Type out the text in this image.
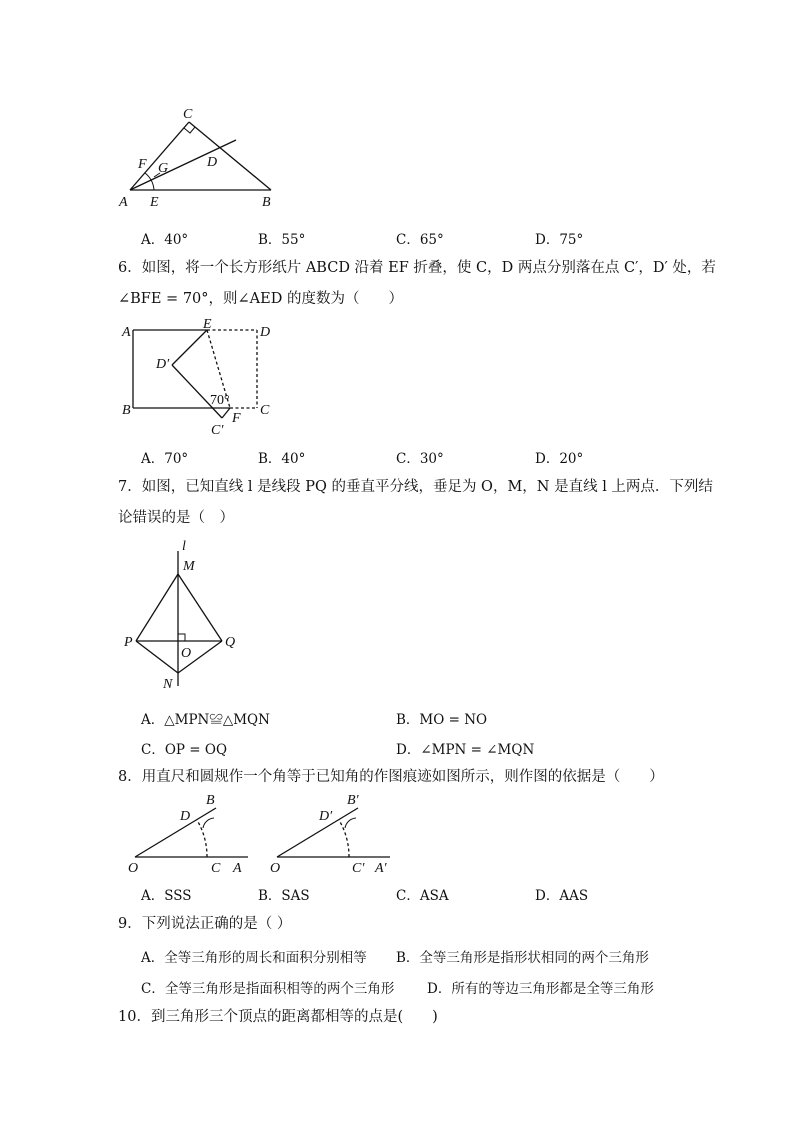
C
F G	D
A E	B
A．40°	B．55°	C．65°	D．75°
6．如图，将一个长方形纸片 ABCD 沿着 EF 折叠，使 C，D 两点分别落在点 C′，D′ 处，若
∠BFE = 70°，则∠AED 的度数为（　　）
A
E
D
D′
B	C
C′
F
70°
A．70°	B．40°	C．30°	D．20°
7．如图，已知直线 l 是线段 PQ 的垂直平分线，垂足为 O，M，N 是直线 l 上两点．下列结
论错误的是（　）
l
M
P	Q
O
N
A．△MPN≌△MQN	B．MO = NO
C．OP = OQ	D．∠MPN = ∠MQN
8．用直尺和圆规作一个角等于已知角的作图痕迹如图所示，则作图的依据是（　　）
B
D
O	C A
B′
D′
O	C′ A′
A．SSS	B．SAS	C．ASA	D．AAS
9．下列说法正确的是（ ）
A．全等三角形的周长和面积分别相等 B．全等三角形是指形状相同的两个三角形
C．全等三角形是指面积相等的两个三角形 D．所有的等边三角形都是全等三角形
10．到三角形三个顶点的距离都相等的点是(　　)
